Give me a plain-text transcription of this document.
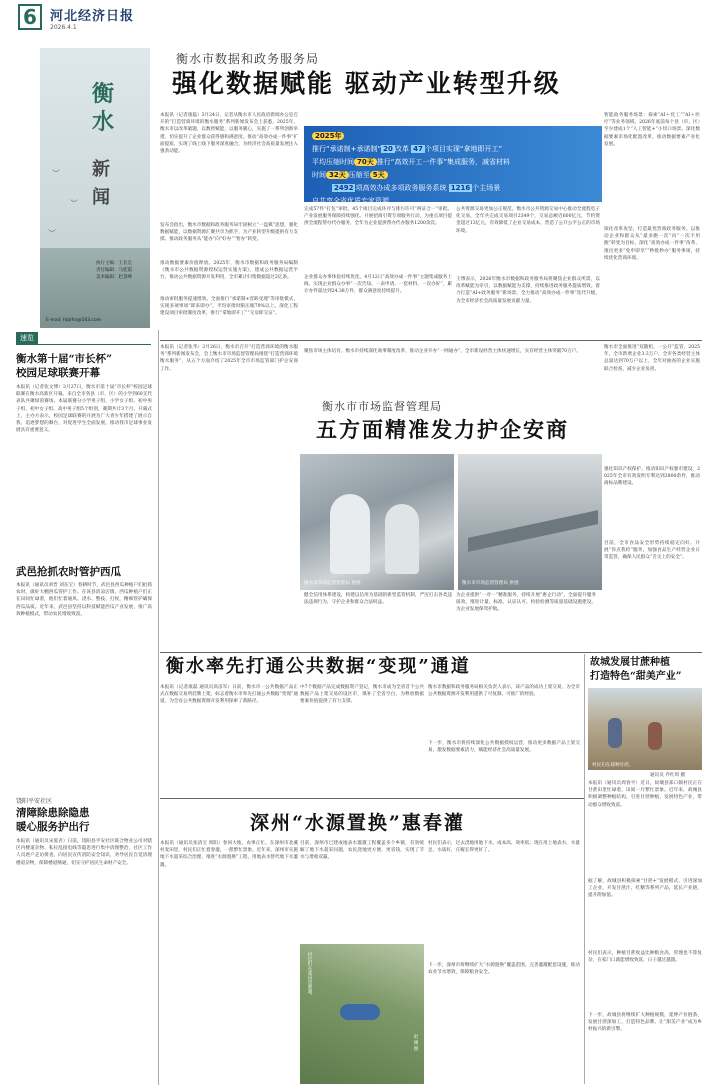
6	河北经济日报
2026.4.1
衡
水
新
闻
︶
︶
︶
执行主编：王长宏
责任编辑：马桂霞
美术编辑：赵景峰
E-mail: hbjrhs@163.com
速览
衡水第十届“市长杯”
校园足球联赛开幕
本报讯（记者张文博）3月27日，衡水市第十届“市长杯”校园足球联赛在衡水高新区开幕。来自全市各县（市、区）的小学到60支代表队共聚绿茵赛场。本届联赛分小学男子组、小学女子组、初中男子组、初中女子组、高中男子组5个组别，赛期共计3个月。开幕式上，主办方表示，校园足球联赛的开展为广大青少年搭建了展示自我、追逐梦想的舞台，对促进学生全面发展、推动我市足球事业发展具有重要意义。
武邑抢抓农时管护西瓜
本报讯（通讯员刘晋 刘东宝）春耕时节，武邑县西瓜种植户们抢抓农时，做好大棚西瓜管护工作。在该县清凉店镇，西瓜种植户们正在田间忙碌着，他们忙着通风、浇水、整枝、打杈，精细管护确保西瓜品质。近年来，武邑县坚持以科技赋能西瓜产业发展，推广高效种植模式，带动农民增收致富。
饶阳平安社区
清障除患除隐患
暖心服务护出行
本报讯（通讯员宋爱君）日前，饶阳县平安社区联合物业公司对辖区内楼道杂物、私拉乱接电线等隐患进行集中清理整治，社区工作人员逐户走访排查，向居民宣传消防安全知识，劝导居民自觉清理楼道杂物，保障楼道畅通，切实守护居民生命财产安全。
衡水市数据和政务服务局
强化数据赋能 驱动产业转型升级
本报讯（记者康磊）3月24日，记者从衡水市人民政府新闻办公室召开的“打造营商环境的衡水服务”系列新闻发布会上获悉，2025年，衡水市以改革破题，以数智赋能，以服务暖心，实施了一系列创新举措，切实提升了企业群众获得感和满意度。推动“高效办成一件事”扩面提质，实现了线上线下服务深度融合，为经济社会高质量发展注入强劲动能。
发布会指出，衡水市数据和政务服务局牢固树立“一盘棋”思想，强化数据赋能，以数据资源汇聚共享为抓手，为产业转型升级提供有力支撑。推动政务服务从“能办”向“好办”“智办”转变。
推动数据要素价值释放。2025年，衡水市数据和政务服务局编制《衡水市公共数据资源授权运营实施方案》，建成公共数据运营平台，推动公共数据资源开发利用，全市累计归集数据超过2亿条。
推动审批服务提速增效。全面推行“承诺制+容缺受理”等审批模式，实现多项事项“即来即办”，平均审批时限压缩70%以上。深化工程建设项目审批制度改革，推行“拿地即开工”“交房即交证”。
2025年
推行“承诺制+承诺制” 20 改革 47 个项目实现“拿地即开工”
平均压缩时间 70天 推行“高效开工一件事”集成服务，减省材料
时间 32天 压缩至 5天
2492 项高效办成多项政务服务系统 1216 个主场景
自共享全省优质专家资源
完成57件“打包”审批，45个项目完成环评与排污许可“两证合一”审批。产业发展服务保障持续强化。开展招商引资专项服务行动，为重点项目提供全流程帮办代办服务，全年为企业提供帮办代办服务1200余次。
企业群众办事体验持续优化。4月12日“高效办成一件事”主题集成服务上线，实现企业群众办事“一次告知、一表申请、一套材料、一次办好”，累计办件量达到24.38万件，群众满意度持续提升。
公共资源交易更加公正规范。衡水市公共资源交易中心推动全流程电子化交易，全年共完成交易项目2349个，交易总额近600亿元，节约资金超过13亿元，有效降低了企业交易成本，营造了公开公平公正的市场环境。
王博表示，2026年衡水市数据和政务服务局将聚焦企业群众所需，以改革赋能为牵引，以数据赋能为支撑，持续推进政务服务提质增效。着力打造“AI+政务服务”新场景，全力推动“高效办成一件事”迭代升级，为全市经济社会高质量发展贡献力量。
智能政务服务场景：探索“AI＋化工”“AI＋医疗”等业务领域，2026年底前每个县（市、区）至少建成1个“人工智能+”小切口场景。深化数据要素市场化配置改革，推动数据要素产业化发展。
探化改革攻坚，打造最优营商政务服务。以推动企业和群众从“最多跑一次”向“一次不用跑”转变为目标，深化“高效办成一件事”改革，推出更多“免申即享”“秒批秒办”服务事项，持续优化营商环境。
本报讯（记者张华）3月26日，衡水市召开“打造营商环境的衡水服务”系列新闻发布会，会上衡水市市场监督管理局围绕“打造营商环境衡水服务”，从五个方面介绍了2025年全市市场监管部门护企安商工作。
衡水市市场监督管理局
五方面精准发力护企安商
聚焦市场主体培育。衡水市持续深化商事制度改革，推动企业开办“一网通办”，全市新设经营主体快速增长，实有经营主体突破70万户。
衡水市全面推进“双随机、一公开”监管，2025年，全市新增企业3.3万户，全市各类经营主体总量达到70万户以上，全年对抽查的企业实施联合检查，减少企业负担。
强化知识产权保护，推动知识产权强市建设，2025年全市有效发明专利达到2800余件，推动商标品牌建设。
衡水市市场监督管理局 供图	衡水市市场监督管理局 供图
健全信用体系建设，构建以信用为基础的新型监管机制，严厉打击各类违法违规行为，守护企业和群众合法权益。
为企业提供“一对一”精准服务，持续开展“惠企行动”，全面提升服务质效。推进计量、标准、认证认可、检验检测等质量基础设施建设，为企业发展保驾护航。
目前，全市食品安全形势持续稳定向好。开展“你点我检”服务，加强食品生产经营企业日常监管，确保人民群众“舌尖上的安全”。
衡水率先打通公共数据“变现”通道
本报讯（记者康磊 通讯员高彦军）日前，衡水市一公共数据产品正式在数据交易所挂牌上架，标志着衡水市率先打通公共数据“变现”通道，为全省公共数据资源开发利用探索了新路径。
中7个数据产品完成数据资产登记，衡水市成为全省首个公共数据产品上架交易的设区市，填补了全省空白，为释放数据要素价值提供了有力支撑。
衡水市数据和政务服务局相关负责人表示，该产品的成功上架交易，为全市公共数据资源开发利用提供了可复制、可推广的经验。
下一步，衡水市将持续深化公共数据授权运营，推动更多数据产品上架交易，激发数据要素活力，赋能经济社会高质量发展。
故城发展甘蔗种植
打造特色“甜美产业”
村民们在栽种甘蔗。
通讯员 乔红周 摄
本报讯（通讯员周春平）近日，故城县郑口镇村民正在甘蔗田里忙碌着，田间一片繁忙景象。近年来，故城县积极调整种植结构，引进甘蔗种植，发展特色产业，带动群众增收致富。
据了解，故城县积极探索“甘蔗+”发展模式，引进深加工企业，开发甘蔗汁、红糖等系列产品，延长产业链，提升附加值。
村民们表示，种植甘蔗收益比种粮食高，管理也不算复杂，在家门口就能增收致富，日子越过越甜。
下一步，故城县将继续扩大种植规模，延伸产业链条，发展甘蔗深加工，打造特色品牌，让“甜美产业”成为乡村振兴的新引擎。
深州“水源置换”惠春灌
本报讯（通讯员张清宝 周阳）春回大地，农事正忙。在深州市北溪村麦田里，村民们正忙着春灌，一派繁忙景象。近年来，深州市实施地下水超采综合治理，推进“水源置换”工程，用地表水替代地下水灌溉。
目前，深州市已建成地表水灌溉工程覆盖多个乡镇，有效缓解了地下水超采问题，农民浇地更方便、更省钱，实现了节水与增收双赢。
村民们在麦田里灌溉。
赵 刚 摄
村民们表示，过去浇地用地下水，成本高、效率低；现在用上地表水，水量足、水质好，庄稼长得更好了。
下一步，深州市将继续扩大“水源置换”覆盖范围，完善灌溉配套设施，推动农业节水增效，保障粮食安全。
